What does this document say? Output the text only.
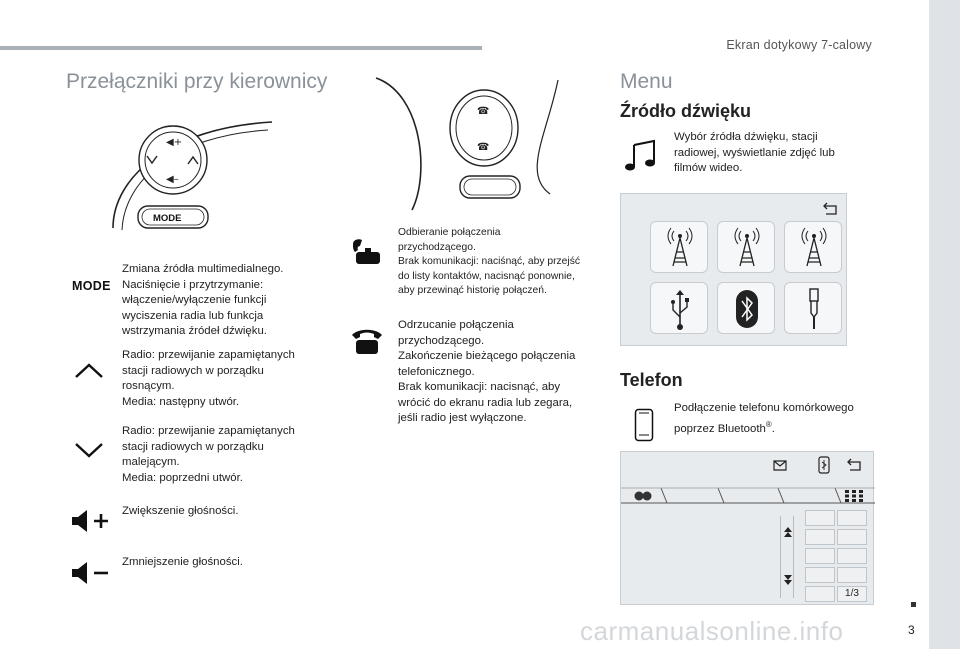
Ekran dotykowy 7-calowy
3
Przełączniki przy kierownicy
◀+
◀–
MODE
MODE
Zmiana źródła multimedialnego.
Naciśnięcie i przytrzymanie:
włączenie/wyłączenie funkcji
wyciszenia radia lub funkcja
wstrzymania źródeł dźwięku.
Radio: przewijanie zapamiętanych
stacji radiowych w porządku
rosnącym.
Media: następny utwór.
Radio: przewijanie zapamiętanych
stacji radiowych w porządku
malejącym.
Media: poprzedni utwór.
Zwiększenie głośności.
Zmniejszenie głośności.
☎
☎
Odbieranie połączenia
przychodzącego.
Brak komunikacji: naciśnąć, aby przejść
do listy kontaktów, nacisnąć ponownie,
aby przewinąć historię połączeń.
Odrzucanie połączenia
przychodzącego.
Zakończenie bieżącego połączenia
telefonicznego.
Brak komunikacji: nacisnąć, aby
wrócić do ekranu radia lub zegara,
jeśli radio jest wyłączone.
Menu
Źródło dźwięku
Wybór źródła dźwięku, stacji
radiowej, wyświetlanie zdjęć lub
filmów wideo.
Telefon
Podłączenie telefonu komórkowego poprzez Bluetooth®.
1/3
carmanualsonline.info
